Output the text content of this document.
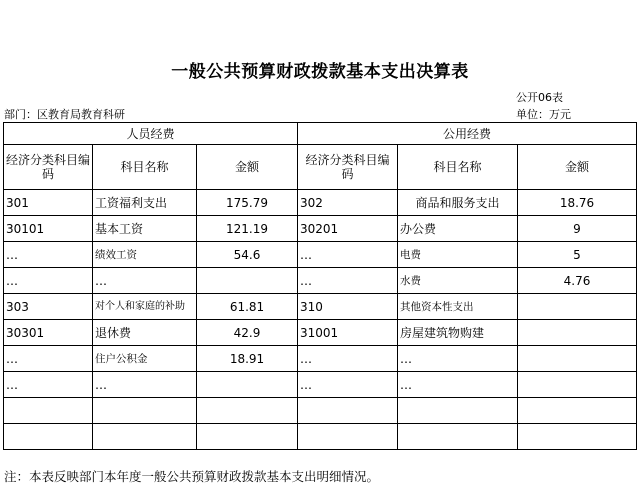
一般公共预算财政拨款基本支出决算表
公开06表
部门：区教育局教育科研	单位：万元
人员经费			公用经费		
经济分类科目编码	科目名称	金额	经济分类科目编码	科目名称	金额
301	工资福利支出	175.79	302	商品和服务支出	18.76
30101	基本工资	121.19	30201	办公费	9
…	绩效工资	54.6	…	电费	5
…	…		…	水费	4.76
303	对个人和家庭的补助	61.81	310	其他资本性支出	
30301	退休费	42.9	31001	房屋建筑物购建	
…	住户公积金	18.91	…	…	
…	…		…	…	

注：本表反映部门本年度一般公共预算财政拨款基本支出明细情况。
